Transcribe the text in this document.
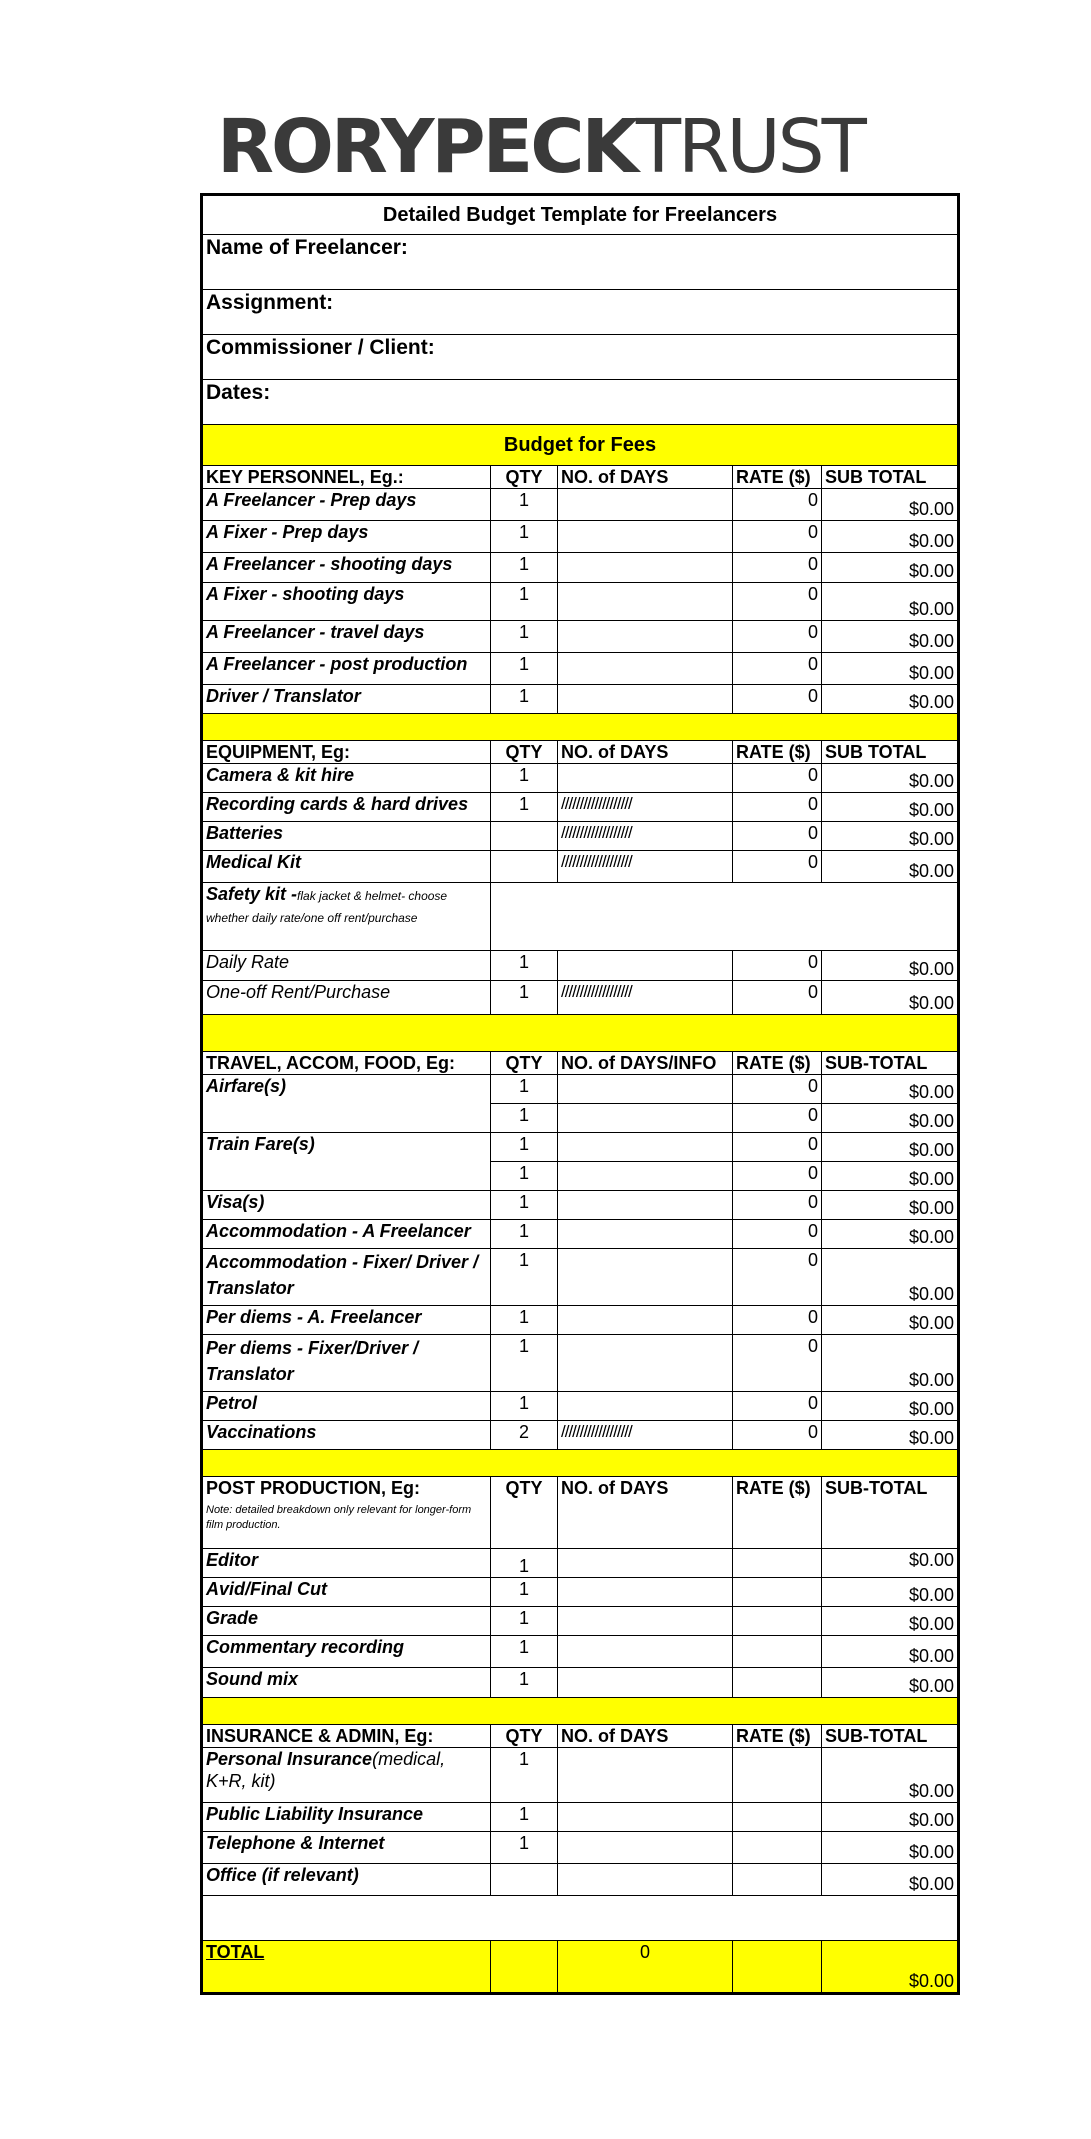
RORYPECKTRUST
Detailed Budget Template for Freelancers				
Name of Freelancer:				
Assignment:				
Commissioner / Client:				
Dates:				
Budget for Fees				
KEY PERSONNEL, Eg.:	QTY	NO. of DAYS	RATE ($)	SUB TOTAL
A Freelancer - Prep days	1		0	$0.00
A Fixer - Prep days	1		0	$0.00
A Freelancer - shooting days	1		0	$0.00
A Fixer - shooting days	1		0	$0.00
A Freelancer - travel days	1		0	$0.00
A Freelancer - post production	1		0	$0.00
Driver / Translator	1		0	$0.00

EQUIPMENT, Eg:	QTY	NO. of DAYS	RATE ($)	SUB TOTAL
Camera & kit hire	1		0	$0.00
Recording cards & hard drives	1	///////////////////	0	$0.00
Batteries		///////////////////	0	$0.00
Medical Kit		///////////////////	0	$0.00
Safety kit -flak jacket & helmet- choose whether daily rate/one off rent/purchase				
Daily Rate	1		0	$0.00
One-off Rent/Purchase	1	///////////////////	0	$0.00

TRAVEL, ACCOM, FOOD, Eg:	QTY	NO. of DAYS/INFO	RATE ($)	SUB-TOTAL
Airfare(s)	1		0	$0.00
	1		0	$0.00
Train Fare(s)	1		0	$0.00
	1		0	$0.00
Visa(s)	1		0	$0.00
Accommodation - A Freelancer	1		0	$0.00
Accommodation - Fixer/ Driver / Translator	1		0	$0.00
Per diems - A. Freelancer	1		0	$0.00
Per diems - Fixer/Driver / Translator	1		0	$0.00
Petrol	1		0	$0.00
Vaccinations	2	///////////////////	0	$0.00

POST PRODUCTION, Eg:
Note: detailed breakdown only relevant for longer-form film production.	QTY	NO. of DAYS	RATE ($)	SUB-TOTAL
Editor	1			$0.00
Avid/Final Cut	1			$0.00
Grade	1			$0.00
Commentary recording	1			$0.00
Sound mix	1			$0.00

INSURANCE & ADMIN, Eg:	QTY	NO. of DAYS	RATE ($)	SUB-TOTAL
Personal Insurance(medical, K+R, kit)	1			$0.00
Public Liability Insurance	1			$0.00
Telephone & Internet	1			$0.00
Office (if relevant)				$0.00

TOTAL		0		$0.00
